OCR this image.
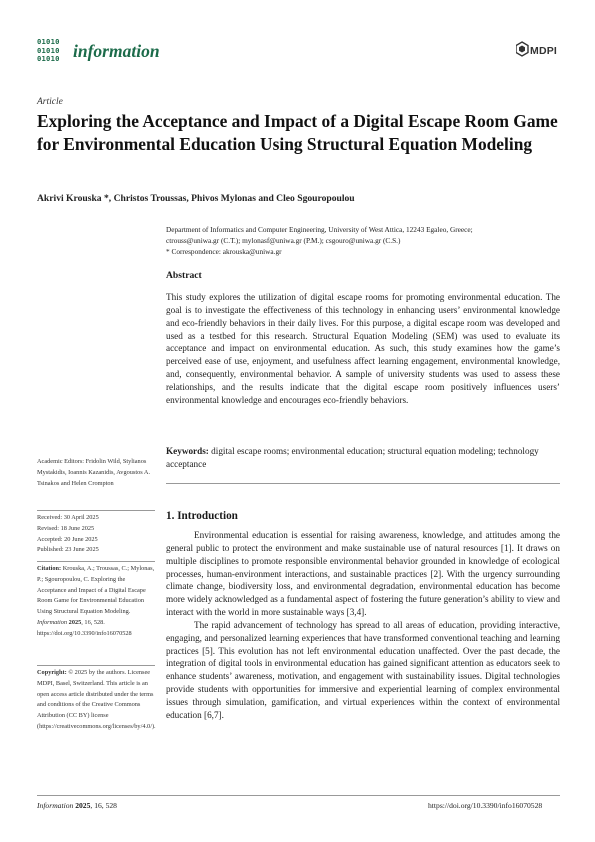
01010
01010
01010 information	MDPI
Article
Exploring the Acceptance and Impact of a Digital Escape Room Game for Environmental Education Using Structural Equation Modeling
Akrivi Krouska *, Christos Troussas, Phivos Mylonas and Cleo Sgouropoulou
Department of Informatics and Computer Engineering, University of West Attica, 12243 Egaleo, Greece;
ctrouss@uniwa.gr (C.T.); mylonasf@uniwa.gr (P.M.); csgouro@uniwa.gr (C.S.)
* Correspondence: akrouska@uniwa.gr
Abstract
This study explores the utilization of digital escape rooms for promoting environmental education. The goal is to investigate the effectiveness of this technology in enhancing users’ environmental knowledge and eco-friendly behaviors in their daily lives. For this purpose, a digital escape room was developed and used as a testbed for this research. Structural Equation Modeling (SEM) was used to evaluate its acceptance and impact on environmental education. As such, this study examines how the game’s perceived ease of use, enjoyment, and usefulness affect learning engagement, environmental knowledge, and, consequently, environmental behavior. A sample of university students was used to assess these relationships, and the results indicate that the digital escape room positively influences users’ environmental knowledge and encourages eco-friendly behaviors.
Keywords: digital escape rooms; environmental education; structural equation modeling; technology acceptance
Academic Editors: Fridolin Wild, Stylianos Mystakidis, Ioannis Kazanidis, Avgoustos A. Tsinakos and Helen Crompton
Received: 30 April 2025
Revised: 18 June 2025
Accepted: 20 June 2025
Published: 23 June 2025
Citation: Krouska, A.; Troussas, C.; Mylonas, P.; Sgouropoulou, C. Exploring the Acceptance and Impact of a Digital Escape Room Game for Environmental Education Using Structural Equation Modeling. Information 2025, 16, 528. https://doi.org/10.3390/info16070528
Copyright: © 2025 by the authors. Licensee MDPI, Basel, Switzerland. This article is an open access article distributed under the terms and conditions of the Creative Commons Attribution (CC BY) license (https://creativecommons.org/licenses/by/4.0/).
1. Introduction

Environmental education is essential for raising awareness, knowledge, and attitudes among the general public to protect the environment and make sustainable use of natural resources [1]. It draws on multiple disciplines to promote responsible environmental behavior grounded in knowledge of ecological processes, human-environment interactions, and sustainable practices [2]. With the urgency surrounding climate change, biodiversity loss, and environmental degradation, environmental education has become more widely acknowledged as a fundamental aspect of fostering the future generation’s ability to view and interact with the world in more sustainable ways [3,4].

The rapid advancement of technology has spread to all areas of education, providing interactive, engaging, and personalized learning experiences that have transformed conventional teaching and learning practices [5]. This evolution has not left environmental education unaffected. Over the past decade, the integration of digital tools in environmental education has gained significant attention as educators seek to enhance students’ awareness, motivation, and engagement with sustainability issues. Digital technologies provide students with opportunities for immersive and experiential learning of complex environmental issues through simulation, gamification, and virtual experiences within the context of environmental education [6,7].

Information 2025, 16, 528	https://doi.org/10.3390/info16070528
